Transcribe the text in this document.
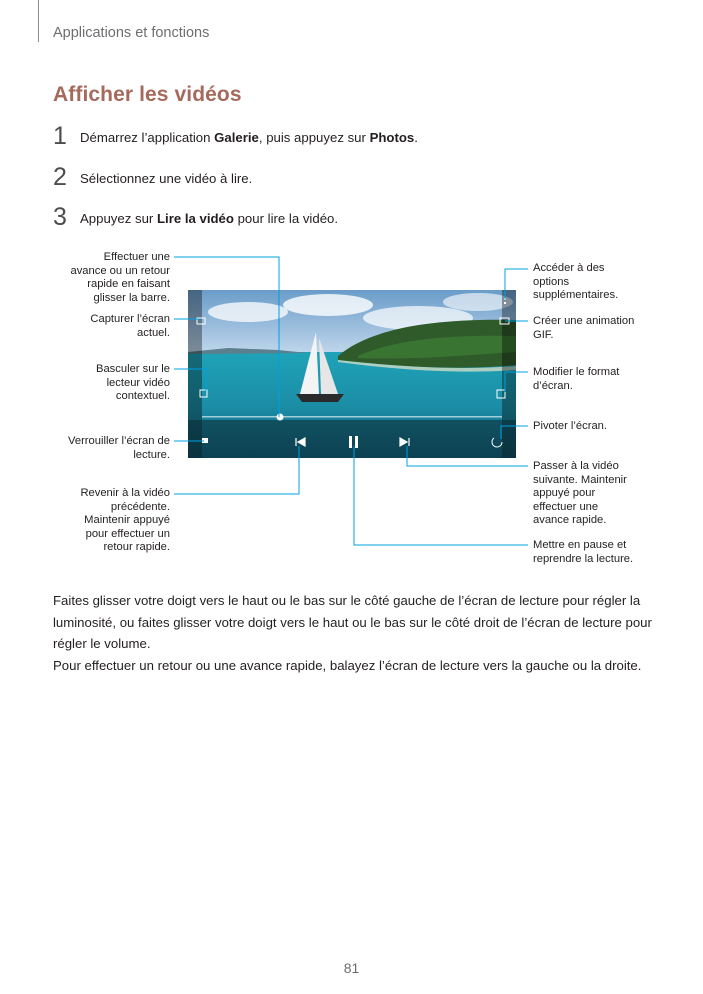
Applications et fonctions
Afficher les vidéos
1 Démarrez l’application Galerie, puis appuyez sur Photos.
2 Sélectionnez une vidéo à lire.
3 Appuyez sur Lire la vidéo pour lire la vidéo.
Effectuer une
avance ou un retour
rapide en faisant
glisser la barre.
Capturer l’écran
actuel.
Basculer sur le
lecteur vidéo
contextuel.
Verrouiller l’écran de
lecture.
Revenir à la vidéo
précédente.
Maintenir appuyé
pour effectuer un
retour rapide.
Accéder à des
options
supplémentaires.
Créer une animation
GIF.
Modifier le format
d’écran.
Pivoter l’écran.
Passer à la vidéo
suivante. Maintenir
appuyé pour
effectuer une
avance rapide.
Mettre en pause et
reprendre la lecture.
Faites glisser votre doigt vers le haut ou le bas sur le côté gauche de l’écran de lecture pour régler la luminosité, ou faites glisser votre doigt vers le haut ou le bas sur le côté droit de l’écran de lecture pour régler le volume.
Pour effectuer un retour ou une avance rapide, balayez l’écran de lecture vers la gauche ou la droite.
81
